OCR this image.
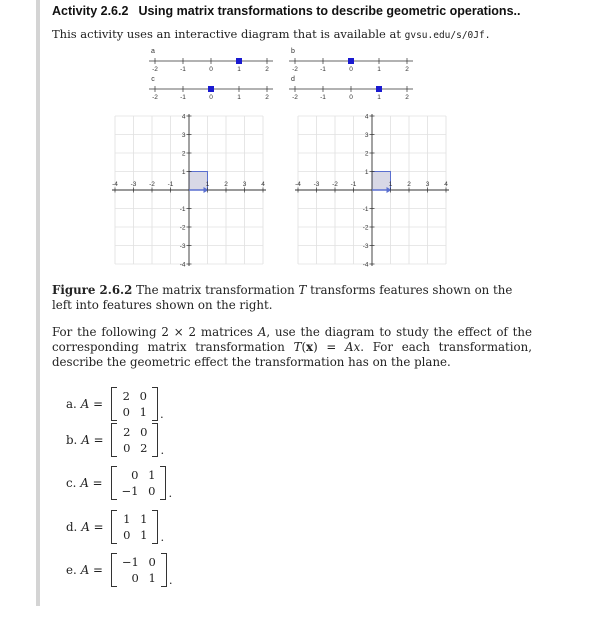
Activity 2.6.2 Using matrix transformations to describe geometric operations..
This activity uses an interactive diagram that is available at gvsu.edu/s/0Jf.
a
-2	-1	0	1	2
b
-2	-1	0	1	2
c
-2	-1	0	1	2
d
-2	-1	0	1	2
-4 -3 -2 -1	1 2 3 4
4
3
2
1
-1
-2
-3
-4
-4 -3 -2 -1	1 2 3 4
4
3
2
1
-1
-2
-3
-4
Figure 2.6.2 The matrix transformation T transforms features shown on the left into features shown on the right.
For the following 2 × 2 matrices A, use the diagram to study the effect of the corresponding matrix transformation T(x) = Ax. For each transformation, describe the geometric effect the transformation has on the plane.
a. A =
2 0
0 1 .
b. A =
2 0
0 2 .
c. A =
0 1
−1 0 .
d. A =
1 1
0 1 .
e. A =
−1 0
0 1 .
